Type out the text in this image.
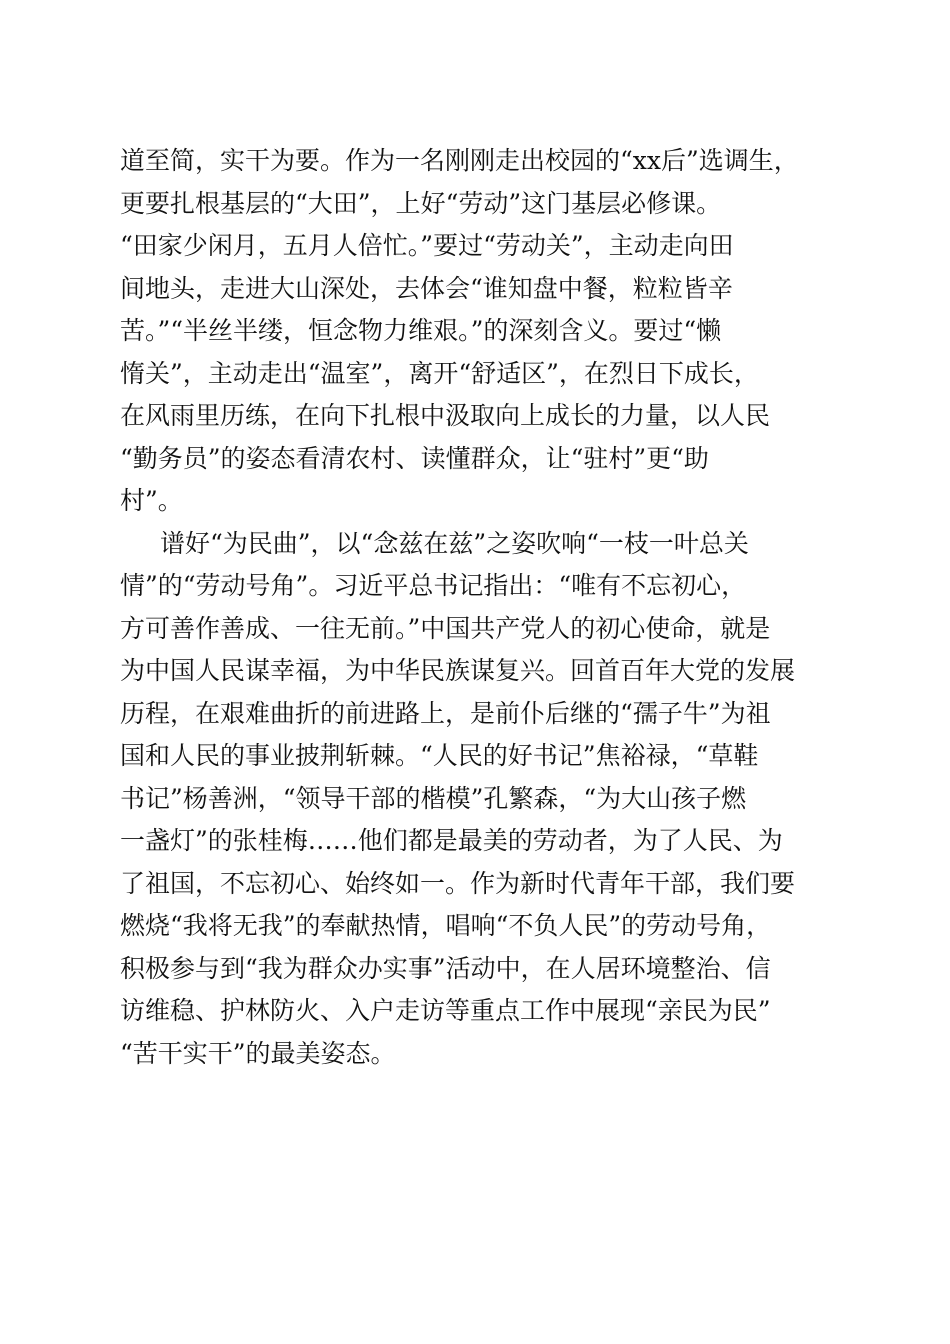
道至简，实干为要。作为一名刚刚走出校园的“xx后”选调生，
更要扎根基层的“大田”，上好“劳动”这门基层必修课。
“田家少闲月，五月人倍忙。”要过“劳动关”，主动走向田
间地头，走进大山深处，去体会“谁知盘中餐，粒粒皆辛
苦。”“半丝半缕，恒念物力维艰。”的深刻含义。要过“懒
惰关”，主动走出“温室”，离开“舒适区”，在烈日下成长，
在风雨里历练，在向下扎根中汲取向上成长的力量，以人民
“勤务员”的姿态看清农村、读懂群众，让“驻村”更“助
村”。
谱好“为民曲”，以“念兹在兹”之姿吹响“一枝一叶总关
情”的“劳动号角”。习近平总书记指出：“唯有不忘初心，
方可善作善成、一往无前。”中国共产党人的初心使命，就是
为中国人民谋幸福，为中华民族谋复兴。回首百年大党的发展
历程，在艰难曲折的前进路上，是前仆后继的“孺子牛”为祖
国和人民的事业披荆斩棘。“人民的好书记”焦裕禄，“草鞋
书记”杨善洲，“领导干部的楷模”孔繁森，“为大山孩子燃
一盏灯”的张桂梅……他们都是最美的劳动者，为了人民、为
了祖国，不忘初心、始终如一。作为新时代青年干部，我们要
燃烧“我将无我”的奉献热情，唱响“不负人民”的劳动号角，
积极参与到“我为群众办实事”活动中，在人居环境整治、信
访维稳、护林防火、入户走访等重点工作中展现“亲民为民”
“苦干实干”的最美姿态。
